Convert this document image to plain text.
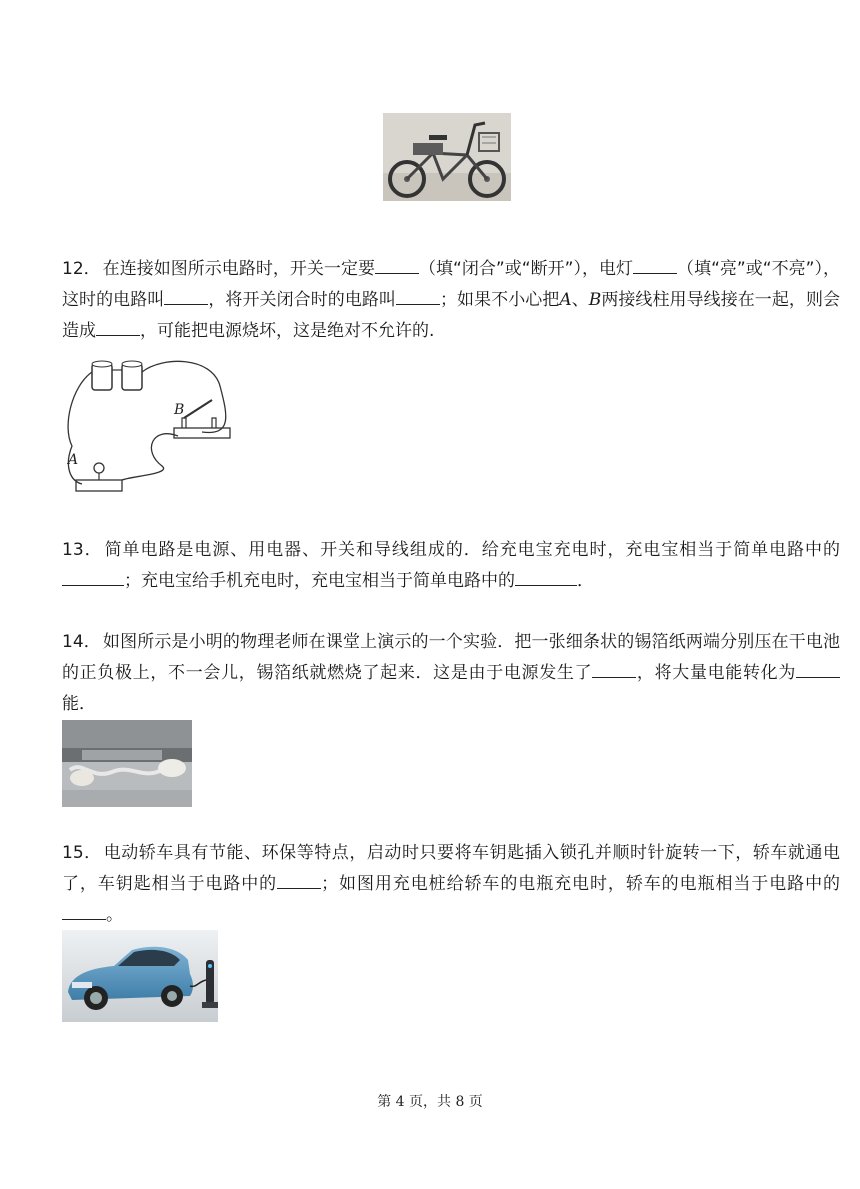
12． 在连接如图所示电路时，开关一定要	（填“闭合”或“断开”），电灯	（填“亮”或“不亮”），这时的电路叫	，将开关闭合时的电路叫	；如果不小心把A、B两接线柱用导线接在一起，则会造成	，可能把电源烧坏，这是绝对不允许的.

B
A

13． 简单电路是电源、用电器、开关和导线组成的．给充电宝充电时，充电宝相当于简单电路中的；充电宝给手机充电时，充电宝相当于简单电路中的	．

14． 如图所示是小明的物理老师在课堂上演示的一个实验．把一张细条状的锡箔纸两端分别压在干电池的正负极上，不一会儿，锡箔纸就燃烧了起来．这是由于电源发生了	，将大量电能转化为能．

15． 电动轿车具有节能、环保等特点，启动时只要将车钥匙插入锁孔并顺时针旋转一下，轿车就通电了，车钥匙相当于电路中的	；如图用充电桩给轿车的电瓶充电时，轿车的电瓶相当于电路中的。

第 4 页，共 8 页
